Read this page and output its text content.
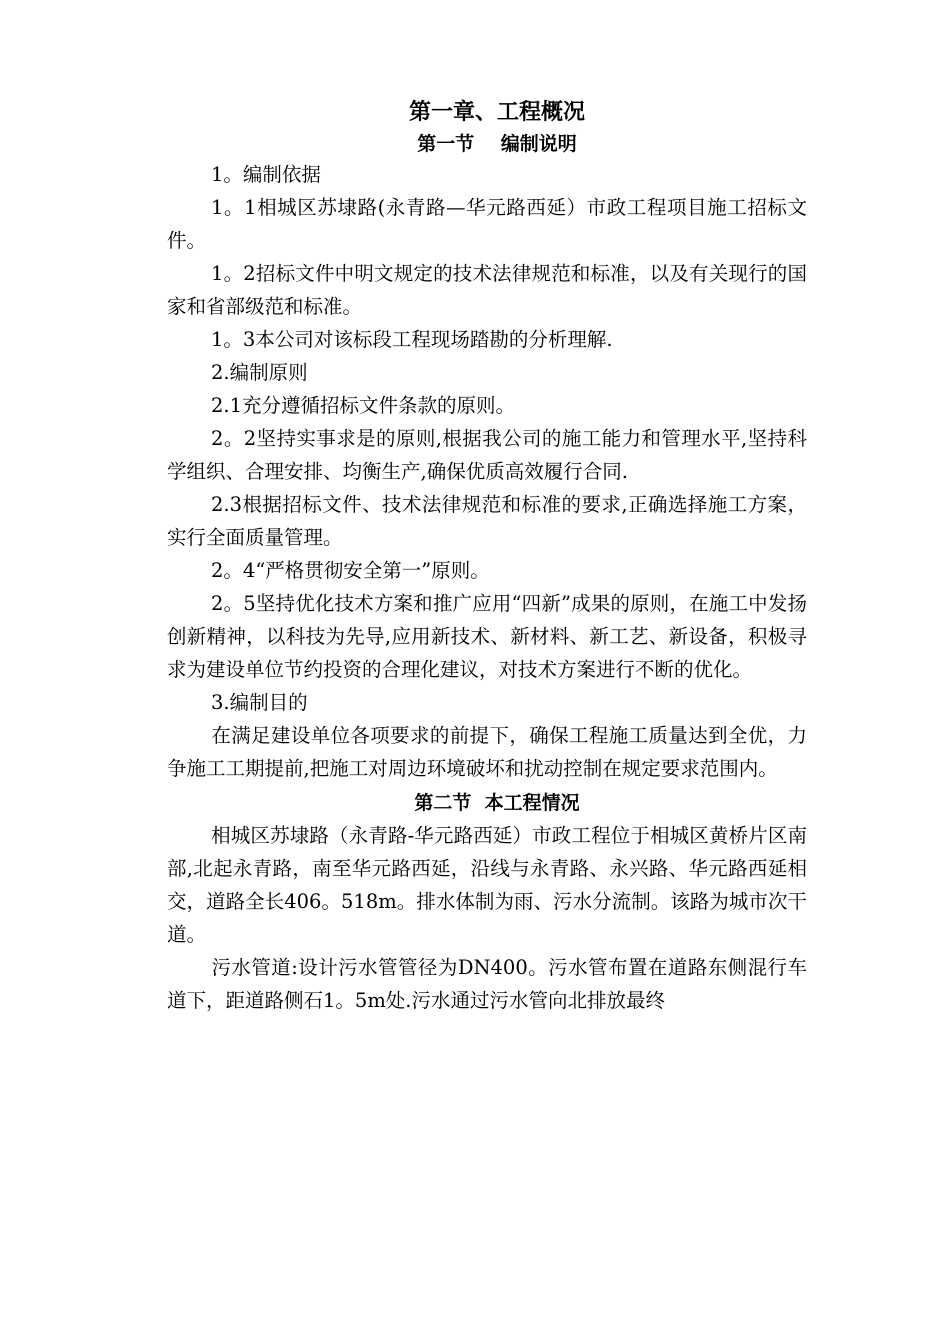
第一章、工程概况
第一节    编制说明

1。编制依据

1。1相城区苏埭路(永青路—华元路西延）市政工程项目施工招标文件。

1。2招标文件中明文规定的技术法律规范和标准，以及有关现行的国家和省部级范和标准。

1。3本公司对该标段工程现场踏勘的分析理解.

2.编制原则

2.1充分遵循招标文件条款的原则。

2。2坚持实事求是的原则,根据我公司的施工能力和管理水平,坚持科学组织、合理安排、均衡生产,确保优质高效履行合同.

2.3根据招标文件、技术法律规范和标准的要求,正确选择施工方案，实行全面质量管理。

2。4“严格贯彻安全第一”原则。

2。5坚持优化技术方案和推广应用“四新”成果的原则，在施工中发扬创新精神，以科技为先导,应用新技术、新材料、新工艺、新设备，积极寻求为建设单位节约投资的合理化建议，对技术方案进行不断的优化。

3.编制目的

在满足建设单位各项要求的前提下，确保工程施工质量达到全优，力争施工工期提前,把施工对周边环境破坏和扰动控制在规定要求范围内。

第二节  本工程情况

相城区苏埭路（永青路-华元路西延）市政工程位于相城区黄桥片区南部,北起永青路，南至华元路西延，沿线与永青路、永兴路、华元路西延相交，道路全长406。518m。排水体制为雨、污水分流制。该路为城市次干道。

污水管道:设计污水管管径为DN400。污水管布置在道路东侧混行车道下，距道路侧石1。5m处.污水通过污水管向北排放最终
